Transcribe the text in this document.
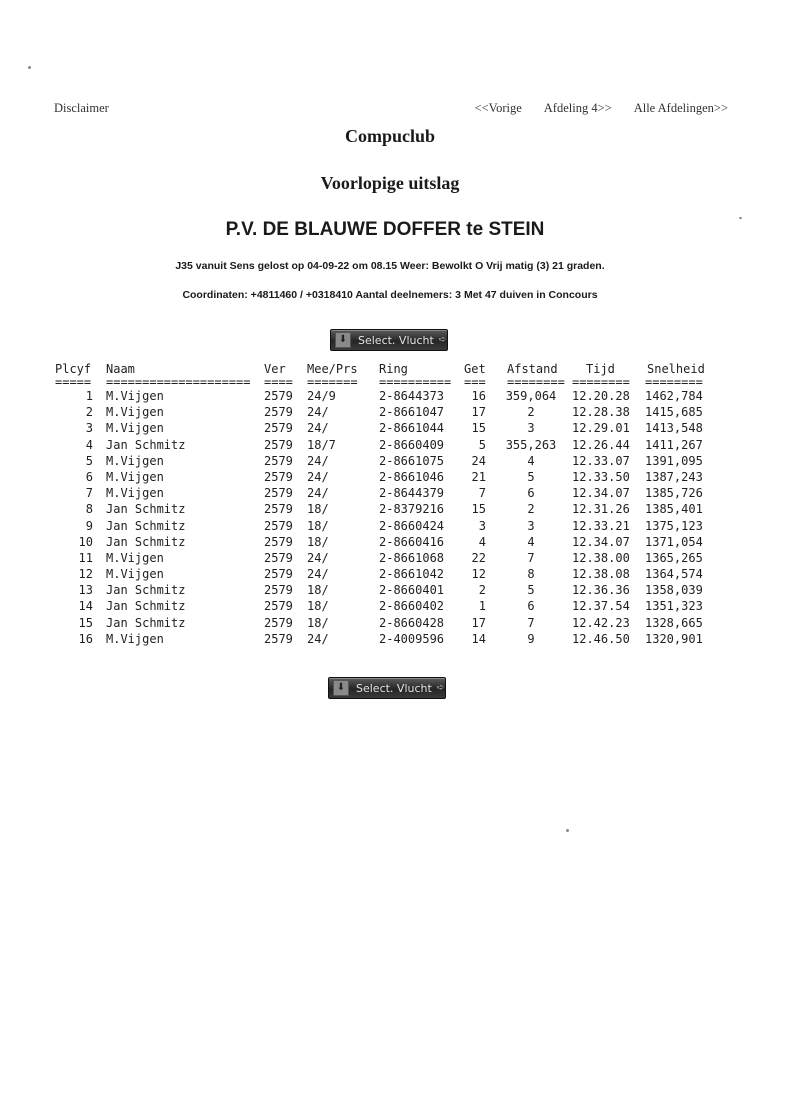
Disclaimer	<<Vorige Afdeling 4>> Alle Afdelingen>>
Compuclub
Voorlopige uitslag
P.V. DE BLAUWE DOFFER te STEIN
J35 vanuit Sens gelost op 04-09-22 om 08.15 Weer: Bewolkt O Vrij matig (3) 21 graden.
Coordinaten: +4811460 / +0318410 Aantal deelnemers: 3 Met 47 duiven in Concours
⬇ Select. Vlucht ➪
Plcyf Naam	Ver Mee/Prs Ring	Get Afstand Tijd	Snelheid
===== ==================== ==== ======= ========== === ======== ======== ========
1 M.Vijgen	2579 24/9	2-8644373	16	359,064	12.20.28 1462,784
2 M.Vijgen	2579 24/	2-8661047	17	2	12.28.38 1415,685
3 M.Vijgen	2579 24/	2-8661044	15	3	12.29.01 1413,548
4 Jan Schmitz	2579 18/7	2-8660409	5	355,263	12.26.44 1411,267
5 M.Vijgen	2579 24/	2-8661075	24	4	12.33.07 1391,095
6 M.Vijgen	2579 24/	2-8661046	21	5	12.33.50 1387,243
7 M.Vijgen	2579 24/	2-8644379	7	6	12.34.07 1385,726
8 Jan Schmitz	2579 18/	2-8379216	15	2	12.31.26 1385,401
9 Jan Schmitz	2579 18/	2-8660424	3	3	12.33.21 1375,123
10 Jan Schmitz	2579 18/	2-8660416	4	4	12.34.07 1371,054
11 M.Vijgen	2579 24/	2-8661068	22	7	12.38.00 1365,265
12 M.Vijgen	2579 24/	2-8661042	12	8	12.38.08 1364,574
13 Jan Schmitz	2579 18/	2-8660401	2	5	12.36.36 1358,039
14 Jan Schmitz	2579 18/	2-8660402	1	6	12.37.54 1351,323
15 Jan Schmitz	2579 18/	2-8660428	17	7	12.42.23 1328,665
16 M.Vijgen	2579 24/	2-4009596	14	9	12.46.50 1320,901
⬇ Select. Vlucht ➪
